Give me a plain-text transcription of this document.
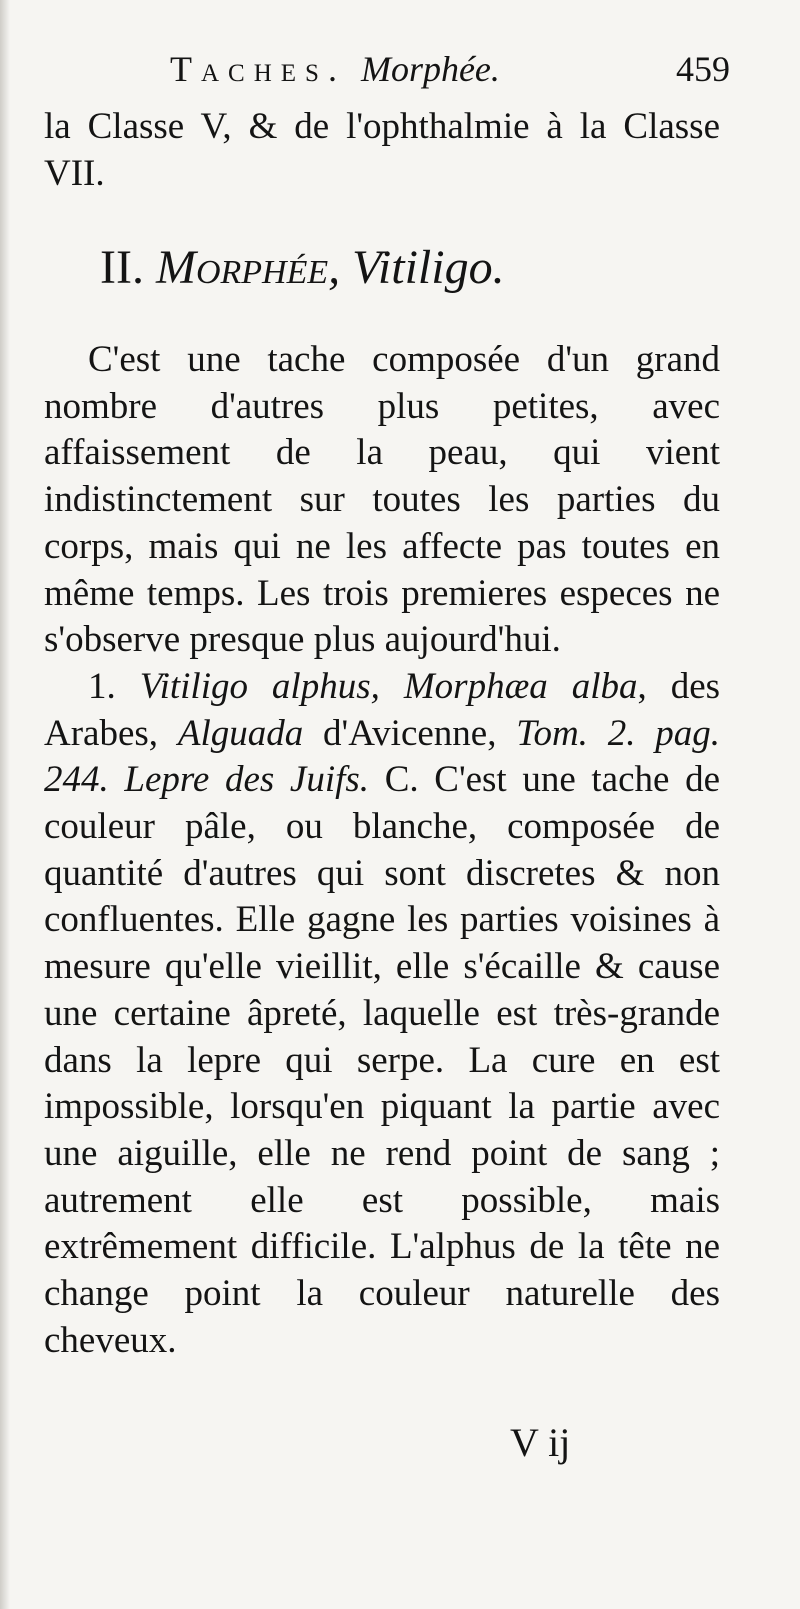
Taches. Morphée.	459

la Classe V, & de l'ophthalmie à la Classe VII.

II. Morphée, Vitiligo.

C'est une tache composée d'un grand nombre d'autres plus petites, avec affaissement de la peau, qui vient indistinctement sur toutes les parties du corps, mais qui ne les affecte pas toutes en même temps. Les trois premieres especes ne s'observe presque plus aujourd'hui.

1. Vitiligo alphus, Morphæa alba, des Arabes, Alguada d'Avicenne, Tom. 2. pag. 244. Lepre des Juifs. C. C'est une tache de couleur pâle, ou blanche, composée de quantité d'autres qui sont discretes & non confluentes. Elle gagne les parties voisines à mesure qu'elle vieillit, elle s'écaille & cause une certaine âpreté, laquelle est très-grande dans la lepre qui serpe. La cure en est impossible, lorsqu'en piquant la partie avec une aiguille, elle ne rend point de sang ; autrement elle est possible, mais extrêmement difficile. L'alphus de la tête ne change point la couleur naturelle des cheveux.

V ij
